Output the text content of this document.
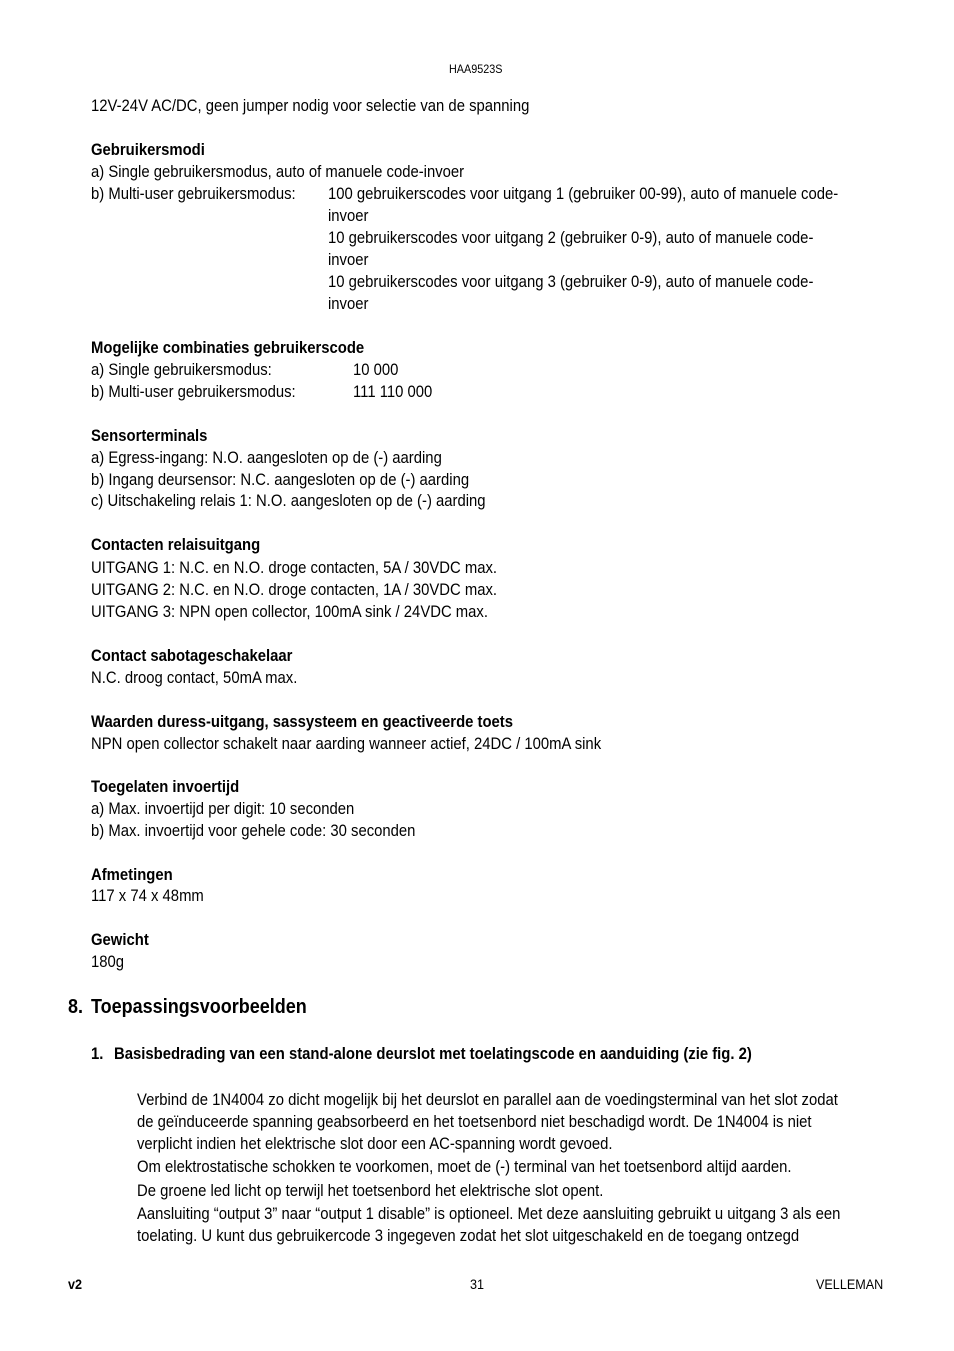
HAA9523S
12V-24V AC/DC, geen jumper nodig voor selectie van de spanning
Gebruikersmodi
a) Single gebruikersmodus, auto of manuele code-invoer
b) Multi-user gebruikersmodus: 100 gebruikerscodes voor uitgang 1 (gebruiker 00-99), auto of manuele code-
invoer
10 gebruikerscodes voor uitgang 2 (gebruiker 0-9), auto of manuele code-
invoer
10 gebruikerscodes voor uitgang 3 (gebruiker 0-9), auto of manuele code-
invoer
Mogelijke combinaties gebruikerscode
a) Single gebruikersmodus:	10 000
b) Multi-user gebruikersmodus:	111 110 000
Sensorterminals
a) Egress-ingang: N.O. aangesloten op de (-) aarding
b) Ingang deursensor: N.C. aangesloten op de (-) aarding
c) Uitschakeling relais 1: N.O. aangesloten op de (-) aarding
Contacten relaisuitgang
UITGANG 1: N.C. en N.O. droge contacten, 5A / 30VDC max.
UITGANG 2: N.C. en N.O. droge contacten, 1A / 30VDC max.
UITGANG 3: NPN open collector, 100mA sink / 24VDC max.
Contact sabotageschakelaar
N.C. droog contact, 50mA max.
Waarden duress-uitgang, sassysteem en geactiveerde toets
NPN open collector schakelt naar aarding wanneer actief, 24DC / 100mA sink
Toegelaten invoertijd
a) Max. invoertijd per digit: 10 seconden
b) Max. invoertijd voor gehele code: 30 seconden
Afmetingen
117 x 74 x 48mm
Gewicht
180g
8. Toepassingsvoorbeelden
1. Basisbedrading van een stand-alone deurslot met toelatingscode en aanduiding (zie fig. 2)
Verbind de 1N4004 zo dicht mogelijk bij het deurslot en parallel aan de voedingsterminal van het slot zodat
de geïnduceerde spanning geabsorbeerd en het toetsenbord niet beschadigd wordt. De 1N4004 is niet
verplicht indien het elektrische slot door een AC-spanning wordt gevoed.
Om elektrostatische schokken te voorkomen, moet de (-) terminal van het toetsenbord altijd aarden.
De groene led licht op terwijl het toetsenbord het elektrische slot opent.
Aansluiting “output 3” naar “output 1 disable” is optioneel. Met deze aansluiting gebruikt u uitgang 3 als een
toelating. U kunt dus gebruikercode 3 ingegeven zodat het slot uitgeschakeld en de toegang ontzegd
v2	31	VELLEMAN
